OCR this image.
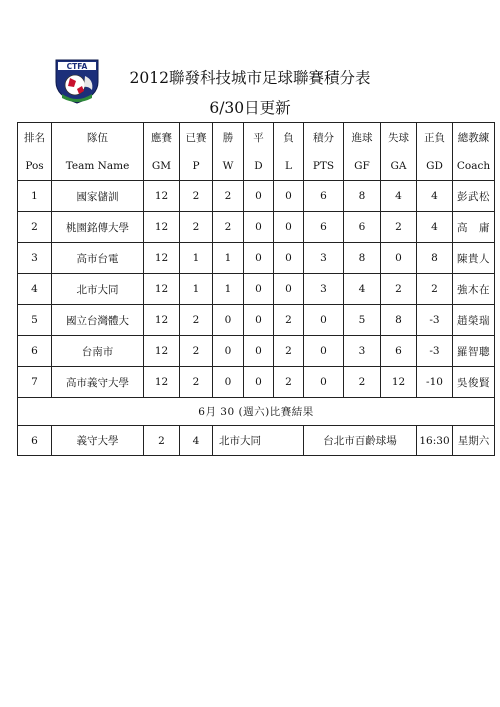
CTFA
2012聯發科技城市足球聯賽積分表
6/30日更新
排名	隊伍	應賽	已賽	勝	平	負	積分	進球	失球	正負	總教練
Pos	Team Name	GM	P	W	D	L	PTS	GF	GA	GD	Coach
1	國家儲訓	12	2	2	0	0	6	8	4	4	彭武松
2	桃園銘傳大學	12	2	2	0	0	6	6	2	4	高　庸
3	高市台電	12	1	1	0	0	3	8	0	8	陳貴人
4	北市大同	12	1	1	0	0	3	4	2	2	強木在
5	國立台灣體大	12	2	0	0	2	0	5	8	-3	趙榮瑞
6	台南市	12	2	0	0	2	0	3	6	-3	羅智聰
7	高市義守大學	12	2	0	0	2	0	2	12	-10	吳俊賢
6月 30 (週六)比賽結果											
6	義守大學	2	4	北市大同			台北市百齡球場			16:30	星期六
